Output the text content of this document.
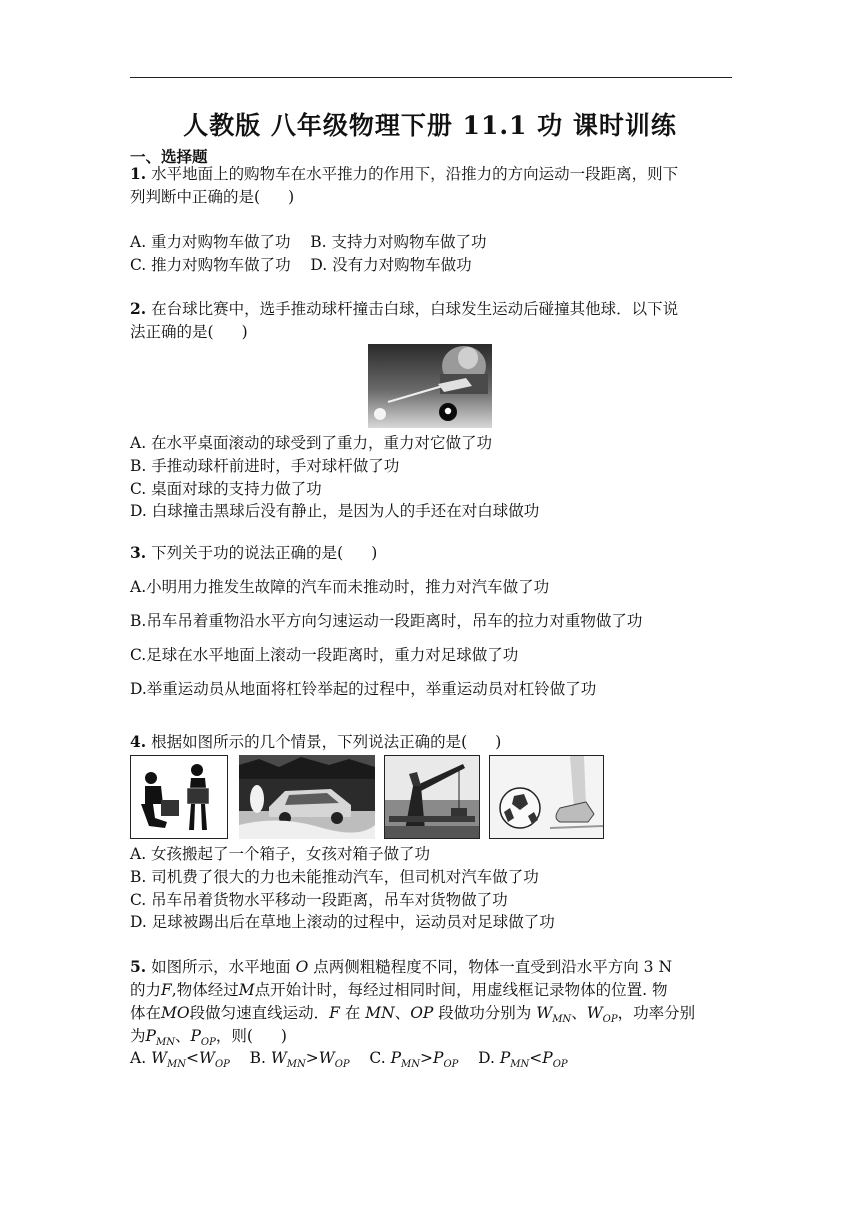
人教版 八年级物理下册 11.1 功 课时训练
一、选择题
1. 水平地面上的购物车在水平推力的作用下，沿推力的方向运动一段距离，则下
列判断中正确的是( )
A. 重力对购物车做了功 B. 支持力对购物车做了功
C. 推力对购物车做了功 D. 没有力对购物车做功
2. 在台球比赛中，选手推动球杆撞击白球，白球发生运动后碰撞其他球．以下说
法正确的是( )
A. 在水平桌面滚动的球受到了重力，重力对它做了功
B. 手推动球杆前进时，手对球杆做了功
C. 桌面对球的支持力做了功
D. 白球撞击黑球后没有静止，是因为人的手还在对白球做功
3. 下列关于功的说法正确的是( )
A.小明用力推发生故障的汽车而未推动时，推力对汽车做了功
B.吊车吊着重物沿水平方向匀速运动一段距离时，吊车的拉力对重物做了功
C.足球在水平地面上滚动一段距离时，重力对足球做了功
D.举重运动员从地面将杠铃举起的过程中，举重运动员对杠铃做了功
4. 根据如图所示的几个情景，下列说法正确的是( )
A. 女孩搬起了一个箱子，女孩对箱子做了功
B. 司机费了很大的力也未能推动汽车，但司机对汽车做了功
C. 吊车吊着货物水平移动一段距离，吊车对货物做了功
D. 足球被踢出后在草地上滚动的过程中，运动员对足球做了功
5. 如图所示，水平地面 O 点两侧粗糙程度不同，物体一直受到沿水平方向 3 N
的力F,物体经过M点开始计时，每经过相同时间，用虚线框记录物体的位置. 物
体在MO段做匀速直线运动．F 在 MN、OP 段做功分别为 $W_{MN}$、$W_{OP}$，功率分别
为$P_{MN}$、$P_{OP}$，则( )
A. $W_{MN}<W_{OP}$ B. $W_{MN}>W_{OP}$ C. $P_{MN}>P_{OP}$ D. $P_{MN}<P_{OP}$
